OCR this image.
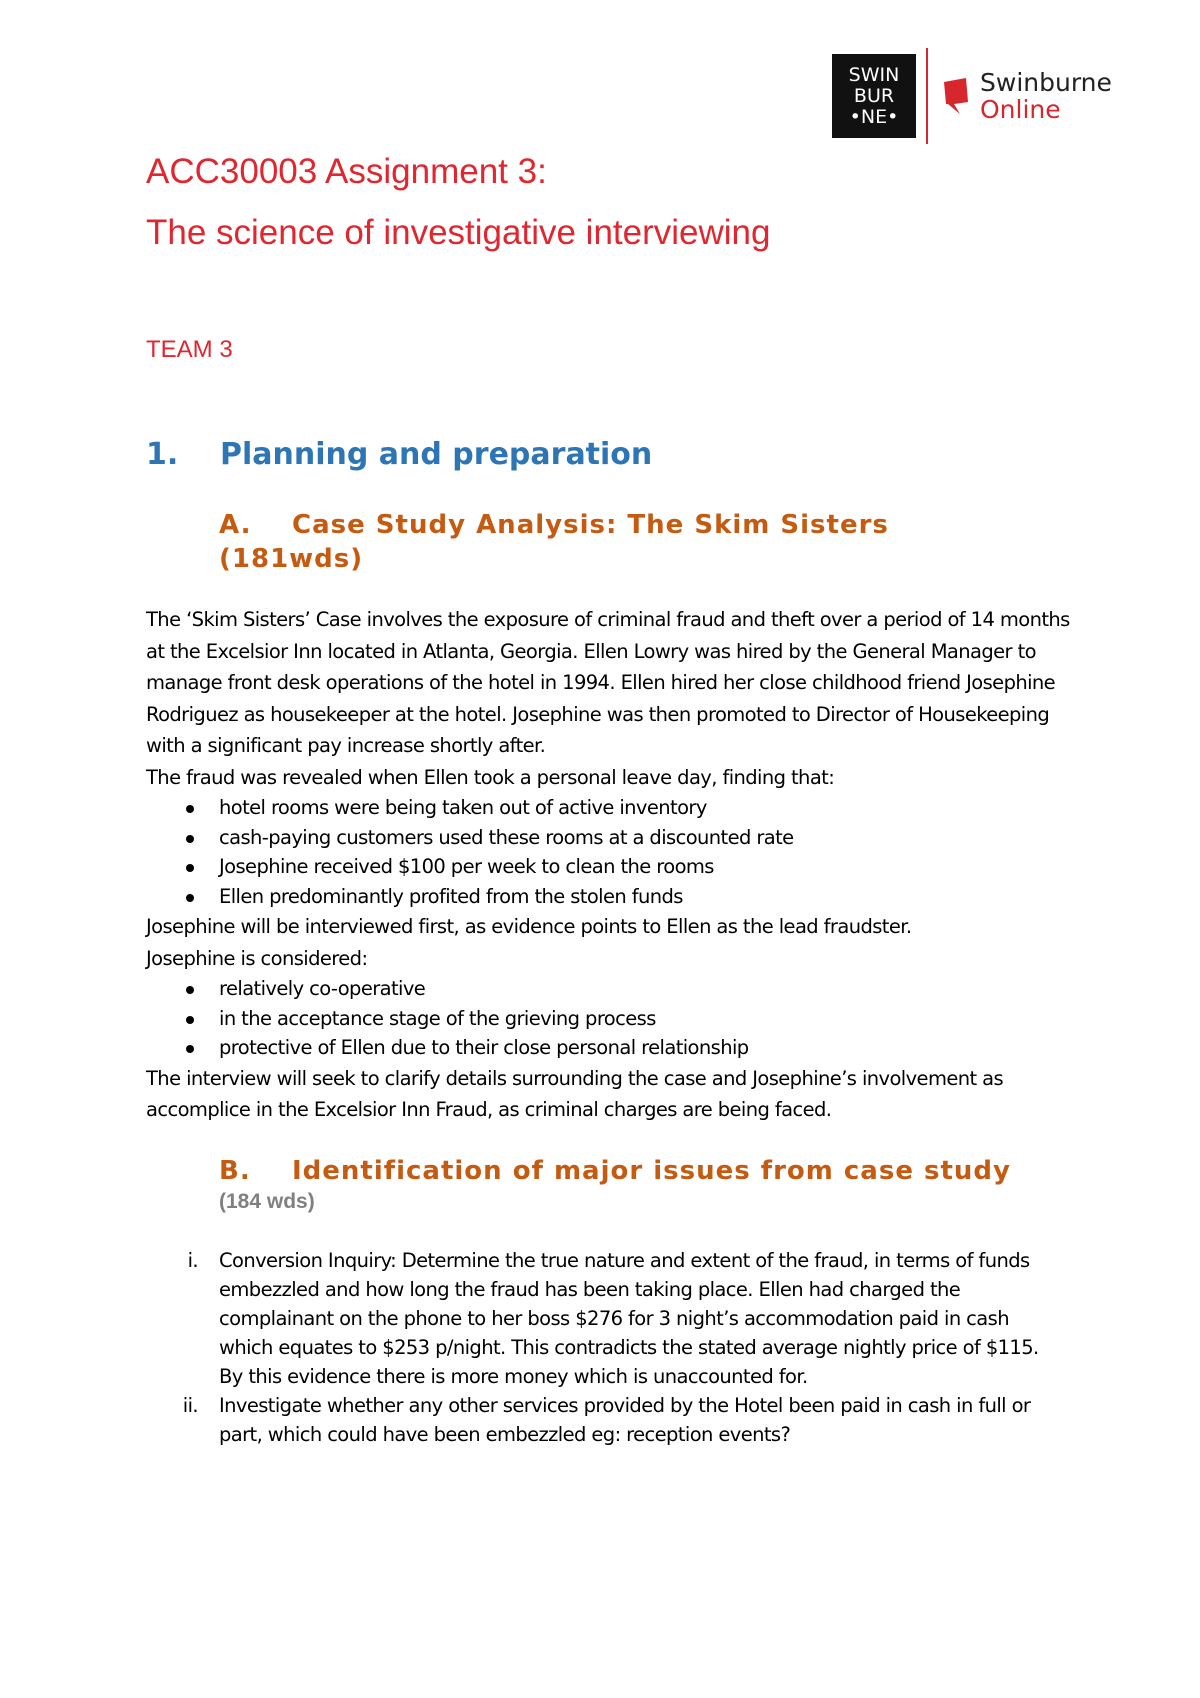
SWIN
BUR
•NE•
Swinburne
Online
ACC30003 Assignment 3:
The science of investigative interviewing
TEAM 3
1. Planning and preparation
A. Case Study Analysis: The Skim Sisters
(181wds)

The ‘Skim Sisters’ Case involves the exposure of criminal fraud and theft over a period of 14 months at the Excelsior Inn located in Atlanta, Georgia. Ellen Lowry was hired by the General Manager to manage front desk operations of the hotel in 1994. Ellen hired her close childhood friend Josephine Rodriguez as housekeeper at the hotel. Josephine was then promoted to Director of Housekeeping with a significant pay increase shortly after.

The fraud was revealed when Ellen took a personal leave day, finding that:

hotel rooms were being taken out of active inventory
cash-paying customers used these rooms at a discounted rate
Josephine received $100 per week to clean the rooms
Ellen predominantly profited from the stolen funds

Josephine will be interviewed first, as evidence points to Ellen as the lead fraudster.

Josephine is considered:

relatively co-operative
in the acceptance stage of the grieving process
protective of Ellen due to their close personal relationship

The interview will seek to clarify details surrounding the case and Josephine’s involvement as accomplice in the Excelsior Inn Fraud, as criminal charges are being faced.

B. Identification of major issues from case study
(184 wds)
i. Conversion Inquiry: Determine the true nature and extent of the fraud, in terms of funds embezzled and how long the fraud has been taking place. Ellen had charged the complainant on the phone to her boss $276 for 3 night’s accommodation paid in cash which equates to $253 p/night. This contradicts the stated average nightly price of $115. By this evidence there is more money which is unaccounted for.
ii. Investigate whether any other services provided by the Hotel been paid in cash in full or part, which could have been embezzled eg: reception events?
